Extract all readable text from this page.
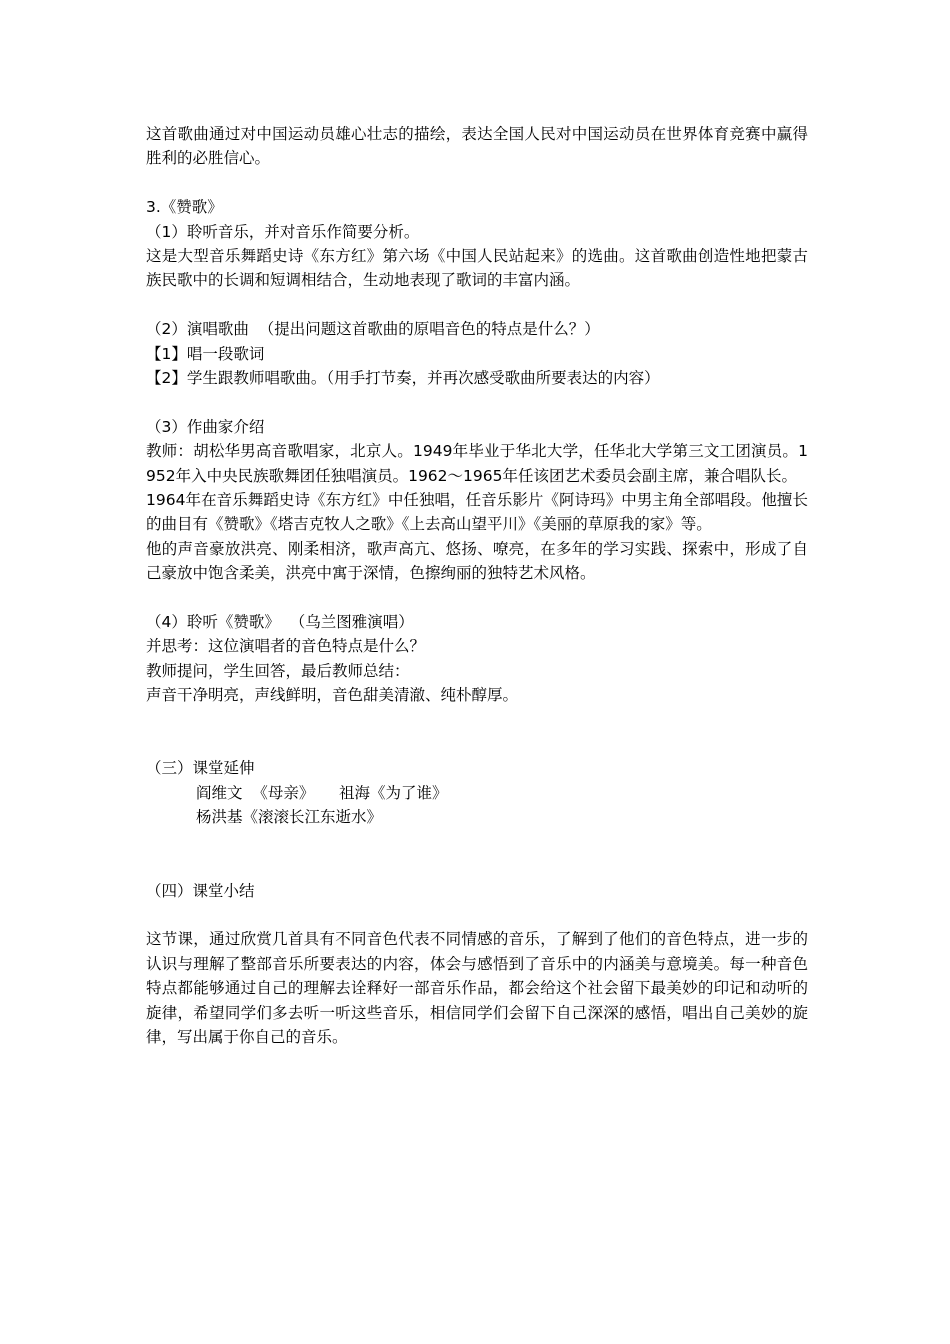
这首歌曲通过对中国运动员雄心壮志的描绘，表达全国人民对中国运动员在世界体育竞赛中赢得胜利的必胜信心。

3.《赞歌》

（1）聆听音乐，并对音乐作简要分析。

这是大型音乐舞蹈史诗《东方红》第六场《中国人民站起来》的选曲。这首歌曲创造性地把蒙古族民歌中的长调和短调相结合，生动地表现了歌词的丰富内涵。

（2）演唱歌曲  （提出问题这首歌曲的原唱音色的特点是什么？）

【1】唱一段歌词

【2】学生跟教师唱歌曲。（用手打节奏，并再次感受歌曲所要表达的内容）

（3）作曲家介绍

教师：胡松华男高音歌唱家，北京人。1949年毕业于华北大学，任华北大学第三文工团演员。1952年入中央民族歌舞团任独唱演员。1962～1965年任该团艺术委员会副主席，兼合唱队长。

1964年在音乐舞蹈史诗《东方红》中任独唱，任音乐影片《阿诗玛》中男主角全部唱段。他擅长的曲目有《赞歌》《塔吉克牧人之歌》《上去高山望平川》《美丽的草原我的家》等。

他的声音豪放洪亮、刚柔相济，歌声高亢、悠扬、嘹亮，在多年的学习实践、探索中，形成了自己豪放中饱含柔美，洪亮中寓于深情，色擦绚丽的独特艺术风格。

（4）聆听《赞歌》  （乌兰图雅演唱）

并思考：这位演唱者的音色特点是什么？

教师提问，学生回答，最后教师总结：

声音干净明亮，声线鲜明，音色甜美清澈、纯朴醇厚。

（三）课堂延伸

阎维文  《母亲》     祖海《为了谁》

杨洪基《滚滚长江东逝水》

（四）课堂小结

这节课，通过欣赏几首具有不同音色代表不同情感的音乐，了解到了他们的音色特点，进一步的认识与理解了整部音乐所要表达的内容，体会与感悟到了音乐中的内涵美与意境美。每一种音色特点都能够通过自己的理解去诠释好一部音乐作品，都会给这个社会留下最美妙的印记和动听的旋律，希望同学们多去听一听这些音乐，相信同学们会留下自己深深的感悟，唱出自己美妙的旋律，写出属于你自己的音乐。
